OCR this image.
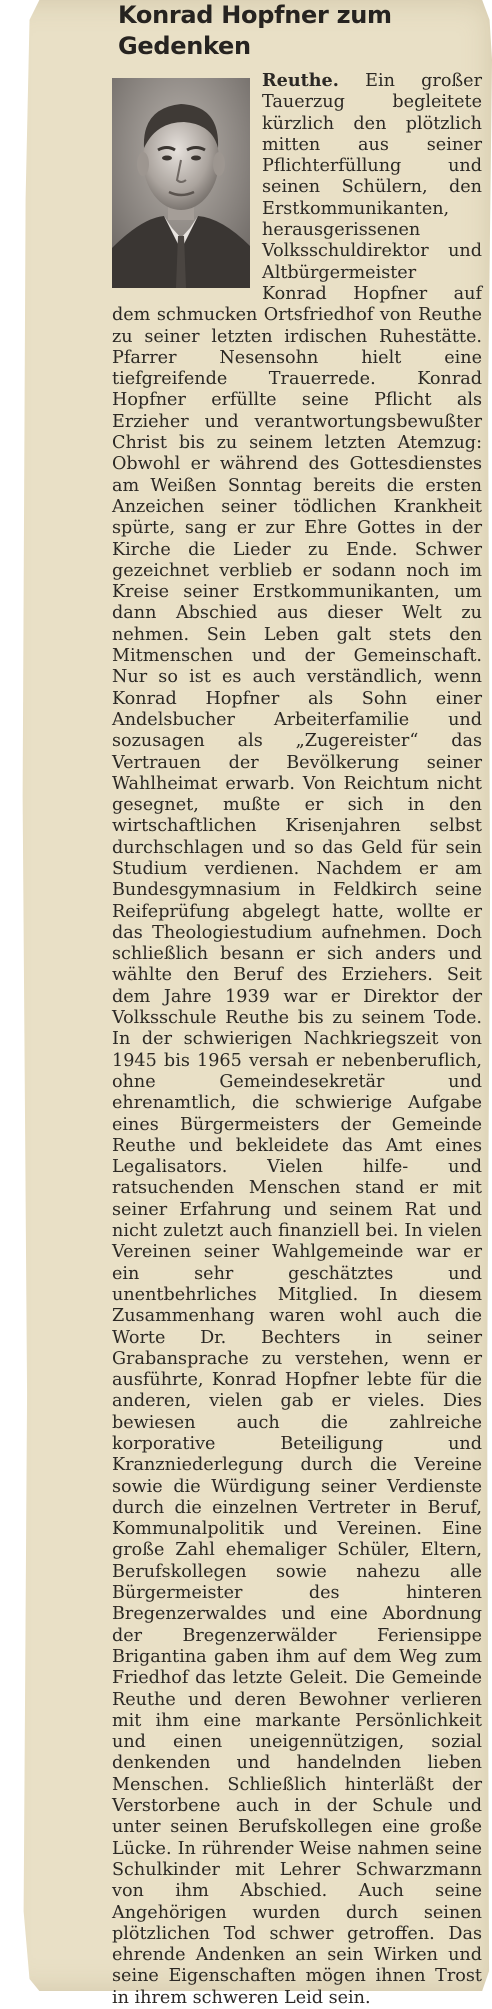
Konrad Hopfner zum Gedenken

Reuthe. Ein großer Tauerzug begleitete kürzlich den plötzlich mitten aus seiner Pflichterfüllung und seinen Schülern, den Erstkommunikanten, herausgerissenen Volksschuldirektor und Altbürgermeister Konrad Hopfner auf dem schmucken Ortsfriedhof von Reuthe zu seiner letzten irdischen Ruhestätte. Pfarrer Nesensohn hielt eine tiefgreifende Trauerrede. Konrad Hopfner erfüllte seine Pflicht als Erzieher und verantwortungsbewußter Christ bis zu seinem letzten Atemzug: Obwohl er während des Gottesdienstes am Weißen Sonntag bereits die ersten Anzeichen seiner tödlichen Krankheit spürte, sang er zur Ehre Gottes in der Kirche die Lieder zu Ende. Schwer gezeichnet verblieb er sodann noch im Kreise seiner Erstkommunikanten, um dann Abschied aus dieser Welt zu nehmen. Sein Leben galt stets den Mitmenschen und der Gemeinschaft. Nur so ist es auch verständlich, wenn Konrad Hopfner als Sohn einer Andelsbucher Arbeiterfamilie und sozusagen als „Zugereister“ das Vertrauen der Bevölkerung seiner Wahlheimat erwarb. Von Reichtum nicht gesegnet, mußte er sich in den wirtschaftlichen Krisenjahren selbst durchschlagen und so das Geld für sein Studium verdienen. Nachdem er am Bundesgymnasium in Feldkirch seine Reifeprüfung abgelegt hatte, wollte er das Theologiestudium aufnehmen. Doch schließlich besann er sich anders und wählte den Beruf des Erziehers. Seit dem Jahre 1939 war er Direktor der Volksschule Reuthe bis zu seinem Tode. In der schwierigen Nachkriegszeit von 1945 bis 1965 versah er nebenberuflich, ohne Gemeindesekretär und ehrenamtlich, die schwierige Aufgabe eines Bürgermeisters der Gemeinde Reuthe und bekleidete das Amt eines Legalisators. Vielen hilfe- und ratsuchenden Menschen stand er mit seiner Erfahrung und seinem Rat und nicht zuletzt auch finanziell bei. In vielen Vereinen seiner Wahlgemeinde war er ein sehr geschätztes und unentbehrliches Mitglied. In diesem Zusammenhang waren wohl auch die Worte Dr. Bechters in seiner Grabansprache zu verstehen, wenn er ausführte, Konrad Hopfner lebte für die anderen, vielen gab er vieles. Dies bewiesen auch die zahlreiche korporative Beteiligung und Kranzniederlegung durch die Vereine sowie die Würdigung seiner Verdienste durch die einzelnen Vertreter in Beruf, Kommunalpolitik und Vereinen. Eine große Zahl ehemaliger Schüler, Eltern, Berufskollegen sowie nahezu alle Bürgermeister des hinteren Bregenzerwaldes und eine Abordnung der Bregenzerwälder Feriensippe Brigantina gaben ihm auf dem Weg zum Friedhof das letzte Geleit. Die Gemeinde Reuthe und deren Bewohner verlieren mit ihm eine markante Persönlichkeit und einen uneigennützigen, sozial denkenden und handelnden lieben Menschen. Schließlich hinterläßt der Verstorbene auch in der Schule und unter seinen Berufskollegen eine große Lücke. In rührender Weise nahmen seine Schulkinder mit Lehrer Schwarzmann von ihm Abschied. Auch seine Angehörigen wurden durch seinen plötzlichen Tod schwer getroffen. Das ehrende Andenken an sein Wirken und seine Eigenschaften mögen ihnen Trost in ihrem schweren Leid sein.
